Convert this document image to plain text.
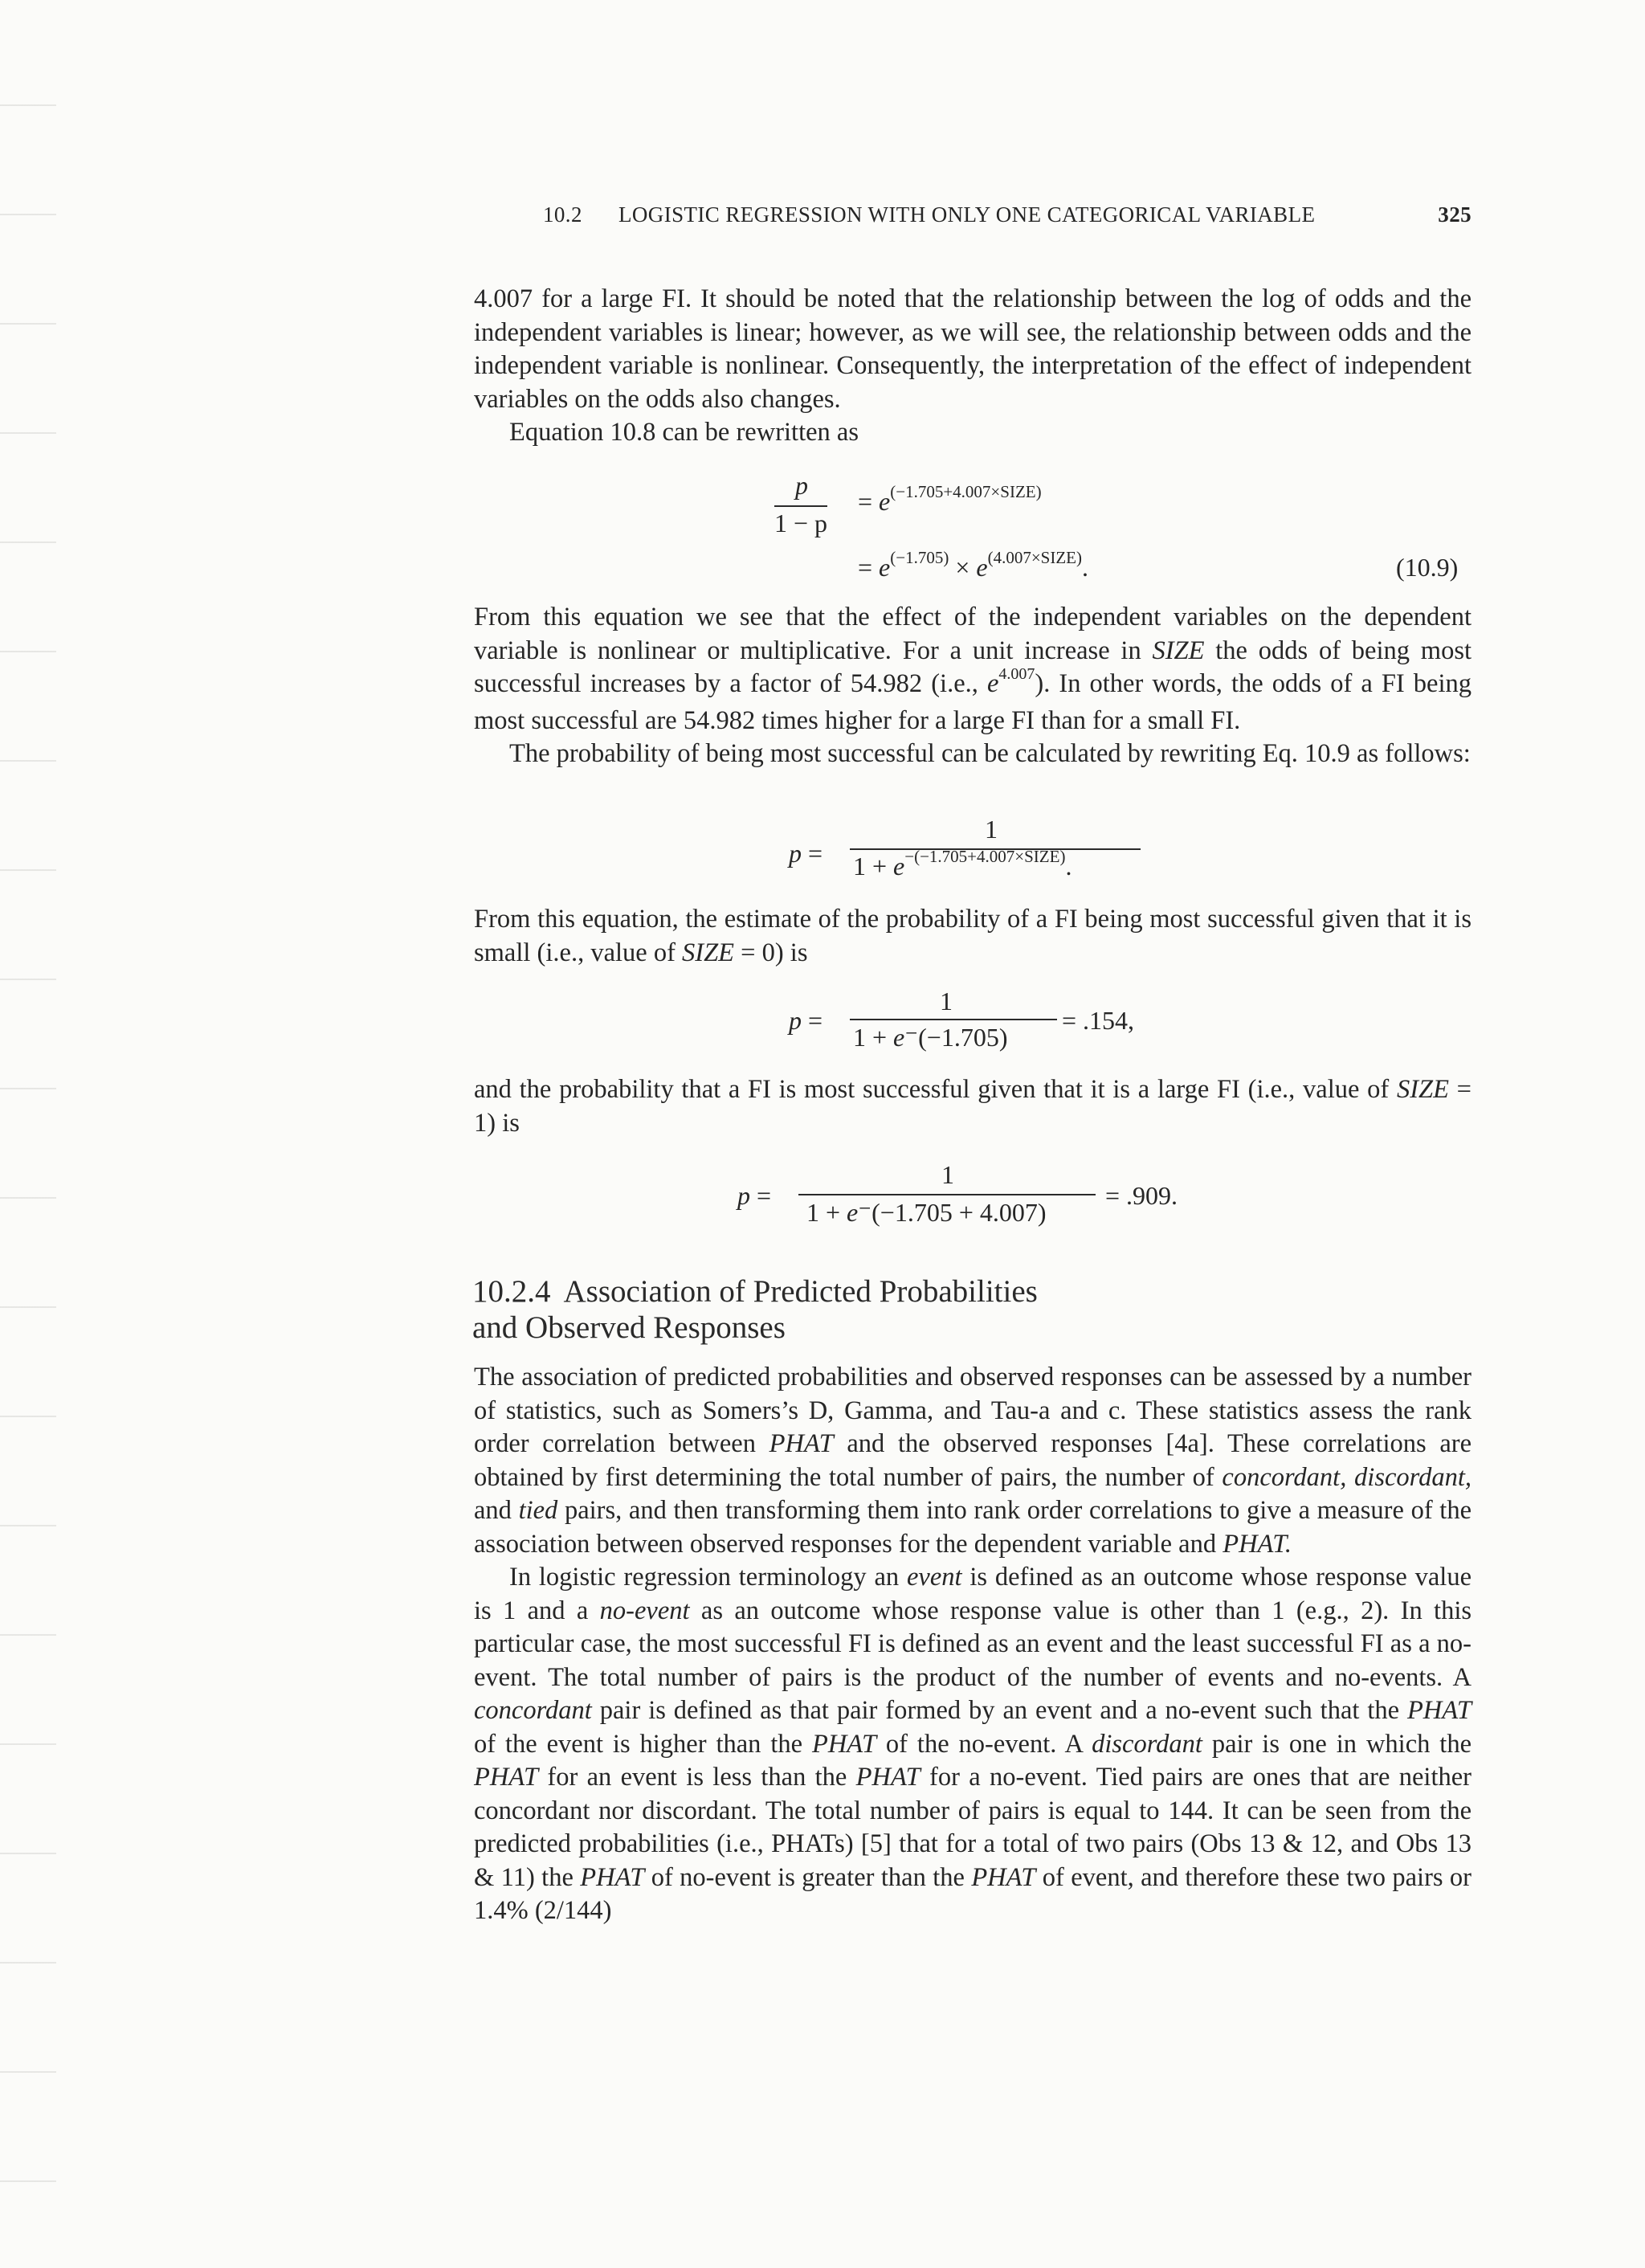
10.2 LOGISTIC REGRESSION WITH ONLY ONE CATEGORICAL VARIABLE	325

4.007 for a large FI. It should be noted that the relationship between the log of odds and the independent variables is linear; however, as we will see, the relationship between odds and the independent variable is nonlinear. Consequently, the interpretation of the effect of independent variables on the odds also changes.

Equation 10.8 can be rewritten as

p
1 − p
= $e^{(-1.705+4.007\times SIZE)}$
= $e^{(-1.705)} \times e^{(4.007\times SIZE)}$.	(10.9)

From this equation we see that the effect of the independent variables on the dependent variable is nonlinear or multiplicative. For a unit increase in SIZE the odds of being most successful increases by a factor of 54.982 (i.e., $e^{4.007}$). In other words, the odds of a FI being most successful are 54.982 times higher for a large FI than for a small FI.

The probability of being most successful can be calculated by rewriting Eq. 10.9 as follows:

p =
1
$1 + e^{-(-1.705+4.007\times SIZE)}$.

From this equation, the estimate of the probability of a FI being most successful given that it is small (i.e., value of SIZE = 0) is

p =
1
1 + e⁻(−1.705)
= .154,

and the probability that a FI is most successful given that it is a large FI (i.e., value of SIZE = 1) is

p =
1
1 + e⁻(−1.705 + 4.007)
= .909.
10.2.4 Association of Predicted Probabilities
and Observed Responses

The association of predicted probabilities and observed responses can be assessed by a number of statistics, such as Somers’s D, Gamma, and Tau-a and c. These statistics assess the rank order correlation between PHAT and the observed responses [4a]. These correlations are obtained by first determining the total number of pairs, the number of concordant, discordant, and tied pairs, and then transforming them into rank order correlations to give a measure of the association between observed responses for the dependent variable and PHAT.

In logistic regression terminology an event is defined as an outcome whose response value is 1 and a no-event as an outcome whose response value is other than 1 (e.g., 2). In this particular case, the most successful FI is defined as an event and the least successful FI as a no-event. The total number of pairs is the product of the number of events and no-events. A concordant pair is defined as that pair formed by an event and a no-event such that the PHAT of the event is higher than the PHAT of the no-event. A discordant pair is one in which the PHAT for an event is less than the PHAT for a no-event. Tied pairs are ones that are neither concordant nor discordant. The total number of pairs is equal to 144. It can be seen from the predicted probabilities (i.e., PHATs) [5] that for a total of two pairs (Obs 13 & 12, and Obs 13 & 11) the PHAT of no-event is greater than the PHAT of event, and therefore these two pairs or 1.4% (2/144)
